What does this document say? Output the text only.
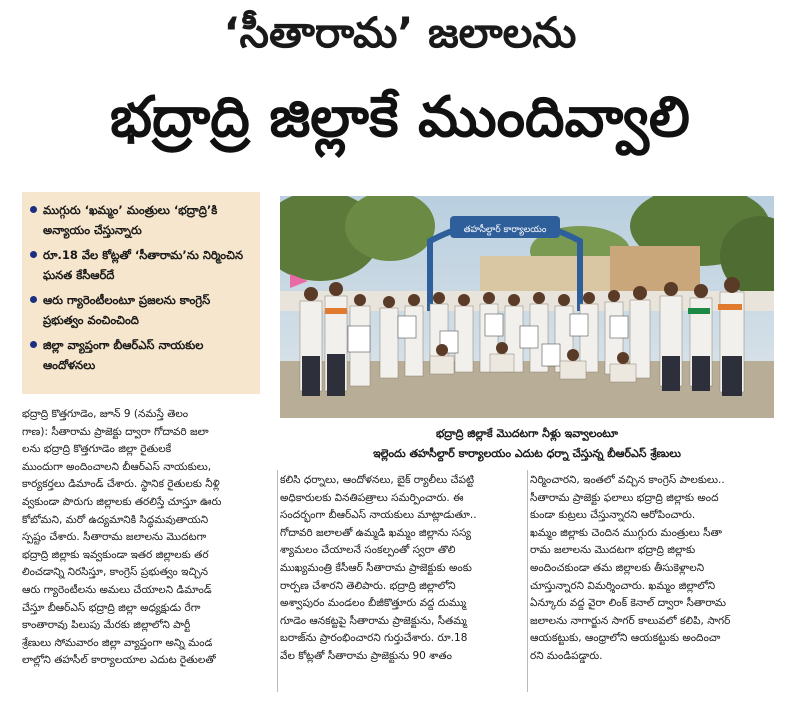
‘సీతారామ’ జలాలను
భద్రాద్రి జిల్లాకే ముందివ్వాలి
ముగ్గురు ‘ఖమ్మం’ మంత్రులు ‘భద్రాద్రి’కి అన్యాయం చేస్తున్నారు
రూ.18 వేల కోట్లతో ‘సీతారామ’ను నిర్మించిన ఘనత కేసీఆర్‌దే
ఆరు గ్యారెంటీలంటూ ప్రజలను కాంగ్రెస్‌ ప్రభుత్వం వంచించింది
జిల్లా వ్యాప్తంగా బీఆర్‌ఎస్‌ నాయకుల ఆందోళనలు
తహసీల్దార్‌ కార్యాలయం
భద్రాద్రి జిల్లాకే మొదటగా నీళ్లు ఇవ్వాలంటూ
ఇల్లెందు తహసీల్దార్‌ కార్యాలయం ఎదుట ధర్నా చేస్తున్న బీఆర్‌ఎస్‌ శ్రేణులు
భద్రాద్రి కొత్తగూడెం, జూన్‌ 9 (నమస్తే తెలం
గాణ): సీతారామ ప్రాజెక్టు ద్వారా గోదావరి జలా
లను భద్రాద్రి కొత్తగూడెం జిల్లా రైతులకే
ముందుగా అందించాలని బీఆర్‌ఎస్‌ నాయకులు,
కార్యకర్తలు డిమాండ్‌ చేశారు. స్థానిక రైతులకు నీళ్లి
వ్వకుండా పొరుగు జిల్లాలకు తరలిస్తే చూస్తూ ఊరు
కోబోమని, మరో ఉద్యమానికి సిద్ధమవుతాయని
స్పష్టం చేశారు. సీతారామ జలాలను మొదటగా
భద్రాద్రి జిల్లాకు ఇవ్వకుండా ఇతర జిల్లాలకు తర
లించడాన్ని నిరసిస్తూ, కాంగ్రెస్‌ ప్రభుత్వం ఇచ్చిన
ఆరు గ్యారెంటీలను అమలు చేయాలని డిమాండ్‌
చేస్తూ బీఆర్‌ఎస్‌ భద్రాద్రి జిల్లా అధ్యక్షుడు రేగా
కాంతారావు పిలుపు మేరకు జిల్లాలోని పార్టీ
శ్రేణులు సోమవారం జిల్లా వ్యాప్తంగా అన్ని మండ
లాల్లోని తహసీల్‌ కార్యాలయాల ఎదుట రైతులతో
కలిసి ధర్నాలు, ఆందోళనలు, బైక్‌ ర్యాలీలు చేపట్టి
అధికారులకు వినతిపత్రాలు సమర్పించారు. ఈ
సందర్భంగా బీఆర్‌ఎస్‌ నాయకులు మాట్లాడుతూ..
గోదావరి జలాలతో ఉమ్మడి ఖమ్మం జిల్లాను సస్య
శ్యామలం చేయాలనే సంకల్పంతో స్వరా తొలి
ముఖ్యమంత్రి కేసీఆర్‌ సీతారామ ప్రాజెక్టుకు అంకు
రార్పణ చేశారని తెలిపారు. భద్రాద్రి జిల్లాలోని
అశ్వాపురం మండలం బీజీకొత్తూరు వద్ద దుమ్ము
గూడెం ఆనకట్టపై సీతారామ ప్రాజెక్టును, సీతమ్మ
బరాజ్‌ను ప్రారంభించారని గుర్తుచేశారు. రూ.18
వేల కోట్లతో సీతారామ ప్రాజెక్టును 90 శాతం
నిర్మించారని, ఇంతలో వచ్చిన కాంగ్రెస్‌ పాలకులు..
సీతారామ ప్రాజెక్టు ఫలాలు భద్రాద్రి జిల్లాకు అంద
కుండా కుట్రలు చేస్తున్నారని ఆరోపించారు.
ఖమ్మం జిల్లాకు చెందిన ముగ్గురు మంత్రులు సీతా
రామ జలాలను మొదటగా భద్రాద్రి జిల్లాకు
అందించకుండా తమ జిల్లాలకు తీసుకెళ్లాలని
చూస్తున్నారని విమర్శించారు. ఖమ్మం జిల్లాలోని
ఏన్కూరు వద్ద వైరా లింక్‌ కెనాల్‌ ద్వారా సీతారామ
జలాలను నాగార్జున సాగర్‌ కాలువలో కలిపి, సాగర్‌
ఆయకట్టుకు, ఆంధ్రాలోని ఆయకట్టుకు అందించా
రని మండిపడ్డారు.
